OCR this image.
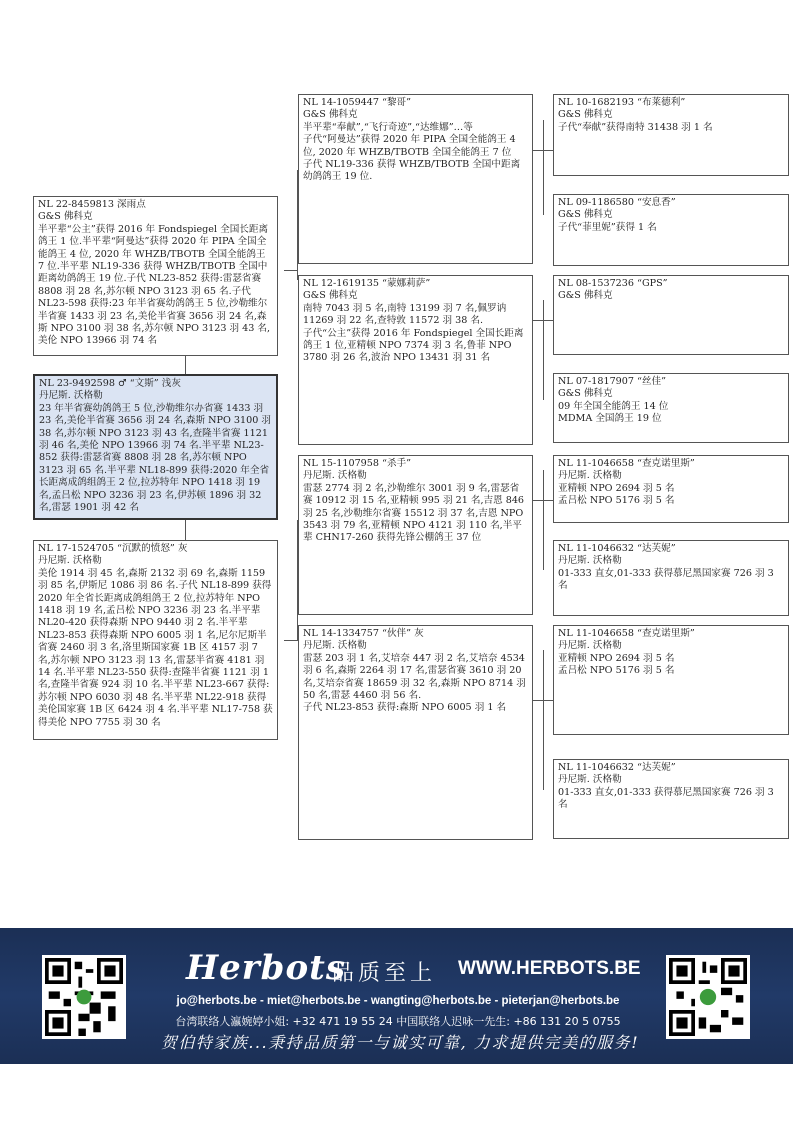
NL 23-9492598 ♂ “文斯” 浅灰
丹尼斯. 沃格勒
23 年半省赛幼鸽鸽王 5 位,沙勒维尔办省赛 1433 羽 23 名,美伦半省赛 3656 羽 24 名,森斯 NPO 3100 羽 38 名,苏尔顿 NPO 3123 羽 43 名,查隆半省赛 1121 羽 46 名,美伦 NPO 13966 羽 74 名.半平辈 NL23-852 获得:雷瑟省赛 8808 羽 28 名,苏尔顿 NPO 3123 羽 65 名.半平辈 NL18-899 获得:2020 年全省长距离成鸽组鸽王 2 位,拉苏特年 NPO 1418 羽 19 名,孟吕松 NPO 3236 羽 23 名,伊苏顿 1896 羽 32 名,雷瑟 1901 羽 42 名
NL 22-8459813 深雨点
G&S 佛科克
半平辈“公主”获得 2016 年 Fondspiegel 全国长距离鸽王 1 位.半平辈“阿曼达”获得 2020 年 PIPA 全国全能鸽王 4 位, 2020 年 WHZB/TBOTB 全国全能鸽王 7 位.半平辈 NL19-336 获得 WHZB/TBOTB 全国中距离幼鸽鸽王 19 位.子代 NL23-852 获得:雷瑟省赛 8808 羽 28 名,苏尔顿 NPO 3123 羽 65 名.子代 NL23-598 获得:23 年半省赛幼鸽鸽王 5 位,沙勒维尔半省赛 1433 羽 23 名,美伦半省赛 3656 羽 24 名,森斯 NPO 3100 羽 38 名,苏尔顿 NPO 3123 羽 43 名,美伦 NPO 13966 羽 74 名
NL 17-1524705 “沉默的愤怒” 灰
丹尼斯. 沃格勒
美伦 1914 羽 45 名,森斯 2132 羽 69 名,森斯 1159 羽 85 名,伊斯尼 1086 羽 86 名.子代 NL18-899 获得 2020 年全省长距离成鸽组鸽王 2 位,拉苏特年 NPO 1418 羽 19 名,孟吕松 NPO 3236 羽 23 名.半平辈 NL20-420 获得森斯 NPO 9440 羽 2 名.半平辈 NL23-853 获得森斯 NPO 6005 羽 1 名,尼尔尼斯半省赛 2460 羽 3 名,洛里斯国家赛 1B 区 4157 羽 7 名,苏尔顿 NPO 3123 羽 13 名,雷瑟半省赛 4181 羽 14 名.半平辈 NL23-550 获得:查隆半省赛 1121 羽 1 名,查隆半省赛 924 羽 10 名.半平辈 NL23-667 获得:苏尔顿 NPO 6030 羽 48 名.半平辈 NL22-918 获得美伦国家赛 1B 区 6424 羽 4 名.半平辈 NL17-758 获得美伦 NPO 7755 羽 30 名
NL 14-1059447 “黎哥”
G&S 佛科克
半平辈“奉献”,“飞行奇迹”,“达维娜”…等
子代“阿曼达”获得 2020 年 PIPA 全国全能鸽王 4 位, 2020 年 WHZB/TBOTB 全国全能鸽王 7 位
子代 NL19-336 获得 WHZB/TBOTB 全国中距离幼鸽鸽王 19 位.
NL 12-1619135 “蒙娜莉萨”
G&S 佛科克
南特 7043 羽 5 名,南特 13199 羽 7 名,佩罗讷 11269 羽 22 名,查特敦 11572 羽 38 名.
子代“公主”获得 2016 年 Fondspiegel 全国长距离鸽王 1 位,亚精顿 NPO 7374 羽 3 名,鲁菲 NPO 3780 羽 26 名,波治 NPO 13431 羽 31 名
NL 15-1107958 “杀手”
丹尼斯. 沃格勒
雷瑟 2774 羽 2 名,沙勒维尔 3001 羽 9 名,雷瑟省赛 10912 羽 15 名,亚精顿 995 羽 21 名,吉恩 846 羽 25 名,沙勒维尔省赛 15512 羽 37 名,吉恩 NPO 3543 羽 79 名,亚精顿 NPO 4121 羽 110 名,半平辈 CHN17-260 获得先锋公棚鸽王 37 位
NL 14-1334757 “伙伴” 灰
丹尼斯. 沃格勒
雷瑟 203 羽 1 名,艾培奈 447 羽 2 名,艾培奈 4534 羽 6 名,森斯 2264 羽 17 名,雷瑟省赛 3610 羽 20 名,艾培奈省赛 18659 羽 32 名,森斯 NPO 8714 羽 50 名,雷瑟 4460 羽 56 名.
子代 NL23-853 获得:森斯 NPO 6005 羽 1 名
NL 10-1682193 “布莱德利”
G&S 佛科克
子代“奉献”获得南特 31438 羽 1 名
NL 09-1186580 “安息香”
G&S 佛科克
子代“菲里妮”获得 1 名
NL 08-1537236 “GPS”
G&S 佛科克
NL 07-1817907 “丝佳”
G&S 佛科克
09 年全国全能鸽王 14 位
MDMA 全国鸽王 19 位
NL 11-1046658 “查克诺里斯”
丹尼斯. 沃格勒
亚精顿 NPO 2694 羽 5 名
孟吕松 NPO 5176 羽 5 名
NL 11-1046632 “达芙妮”
丹尼斯. 沃格勒
01-333 直女,01-333 获得慕尼黑国家赛 726 羽 3 名
NL 11-1046658 “查克诺里斯”
丹尼斯. 沃格勒
亚精顿 NPO 2694 羽 5 名
孟吕松 NPO 5176 羽 5 名
NL 11-1046632 “达芙妮”
丹尼斯. 沃格勒
01-333 直女,01-333 获得慕尼黑国家赛 726 羽 3 名
Herbots
品质至上 WWW.HERBOTS.BE
jo@herbots.be - miet@herbots.be - wangting@herbots.be - pieterjan@herbots.be
台湾联络人瀛婉婷小姐: +32 471 19 55 24 中国联络人迟咏一先生: +86 131 20 5 0755
贺伯特家族...秉持品质第一与诚实可靠, 力求提供完美的服务!
